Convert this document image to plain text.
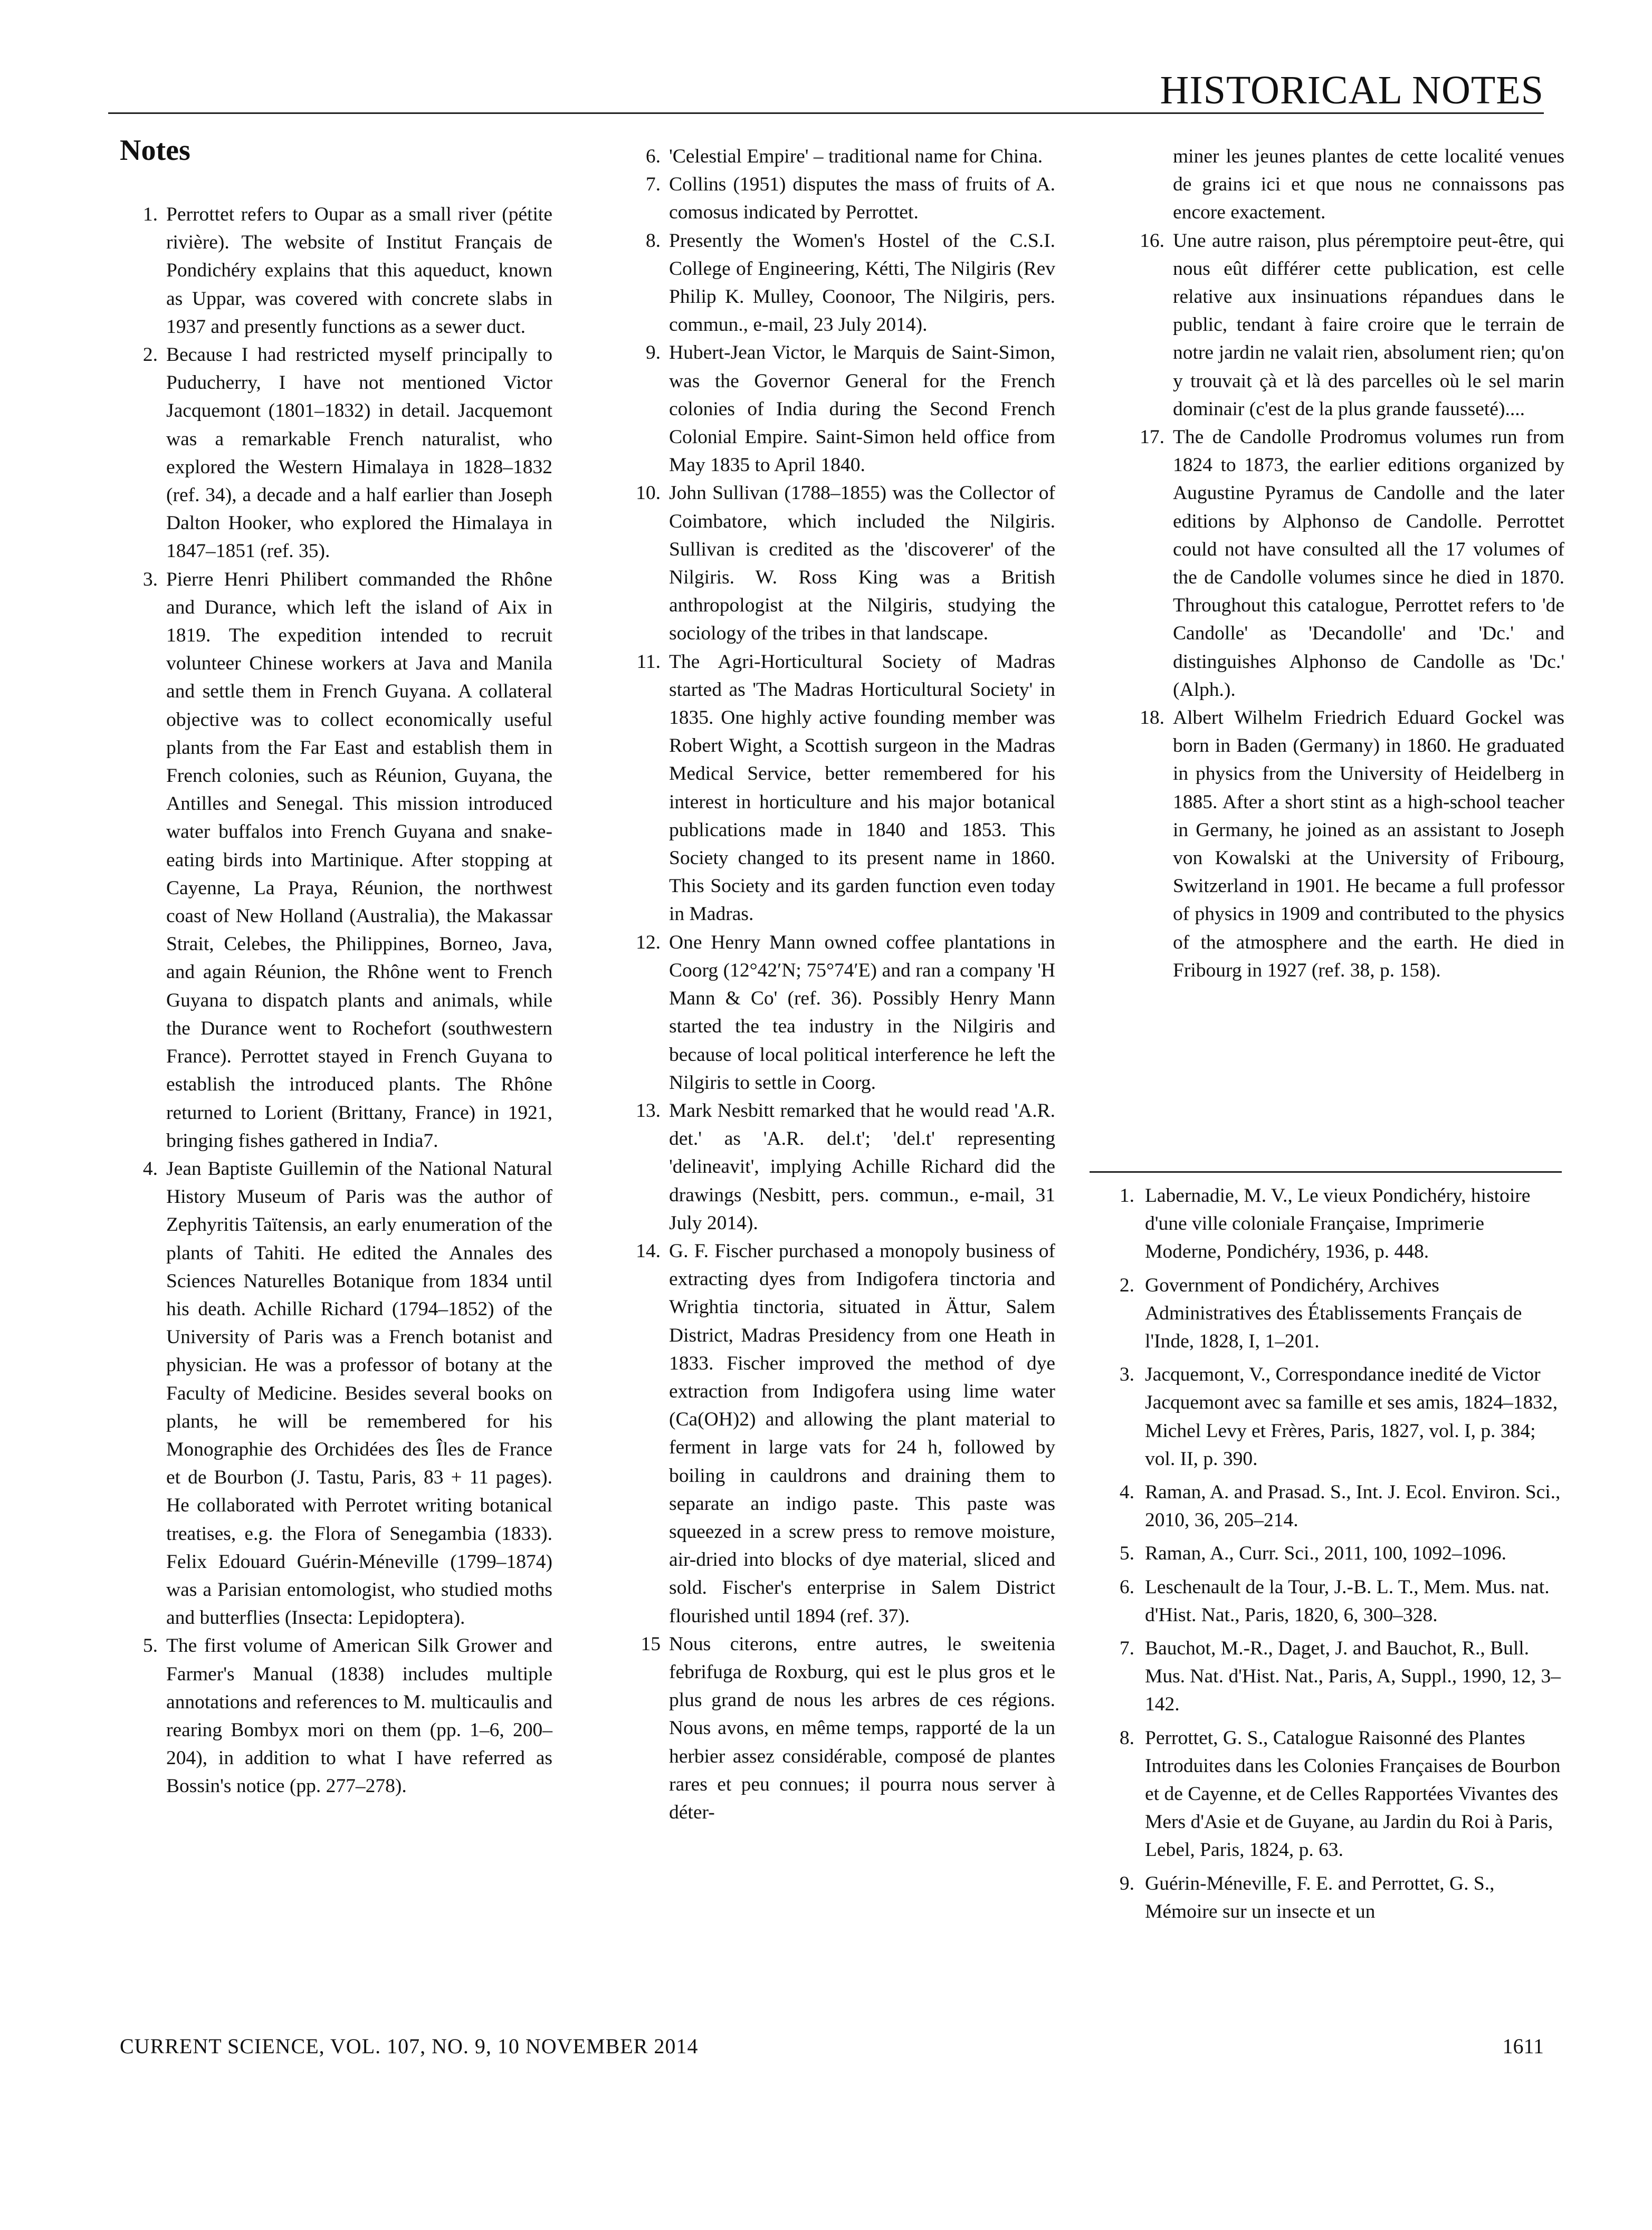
HISTORICAL NOTES
Notes
1. Perrottet refers to Oupar as a small river (pétite rivière). The website of Institut Français de Pondichéry explains that this aqueduct, known as Uppar, was covered with concrete slabs in 1937 and presently functions as a sewer duct.
2. Because I had restricted myself principally to Puducherry, I have not mentioned Victor Jacquemont (1801–1832) in detail. Jacquemont was a remarkable French naturalist, who explored the Western Himalaya in 1828–1832 (ref. 34), a decade and a half earlier than Joseph Dalton Hooker, who explored the Himalaya in 1847–1851 (ref. 35).
3. Pierre Henri Philibert commanded the Rhône and Durance, which left the island of Aix in 1819. The expedition intended to recruit volunteer Chinese workers at Java and Manila and settle them in French Guyana. A collateral objective was to collect economically useful plants from the Far East and establish them in French colonies, such as Réunion, Guyana, the Antilles and Senegal. This mission introduced water buffalos into French Guyana and snake-eating birds into Martinique. After stopping at Cayenne, La Praya, Réunion, the northwest coast of New Holland (Australia), the Makassar Strait, Celebes, the Philippines, Borneo, Java, and again Réunion, the Rhône went to French Guyana to dispatch plants and animals, while the Durance went to Rochefort (southwestern France). Perrottet stayed in French Guyana to establish the introduced plants. The Rhône returned to Lorient (Brittany, France) in 1921, bringing fishes gathered in India7.
4. Jean Baptiste Guillemin of the National Natural History Museum of Paris was the author of Zephyritis Taïtensis, an early enumeration of the plants of Tahiti. He edited the Annales des Sciences Naturelles Botanique from 1834 until his death. Achille Richard (1794–1852) of the University of Paris was a French botanist and physician. He was a professor of botany at the Faculty of Medicine. Besides several books on plants, he will be remembered for his Monographie des Orchidées des Îles de France et de Bourbon (J. Tastu, Paris, 83 + 11 pages). He collaborated with Perrotet writing botanical treatises, e.g. the Flora of Senegambia (1833). Felix Edouard Guérin-Méneville (1799–1874) was a Parisian entomologist, who studied moths and butterflies (Insecta: Lepidoptera).
5. The first volume of American Silk Grower and Farmer's Manual (1838) includes multiple annotations and references to M. multicaulis and rearing Bombyx mori on them (pp. 1–6, 200–204), in addition to what I have referred as Bossin's notice (pp. 277–278).
6. 'Celestial Empire' – traditional name for China.
7. Collins (1951) disputes the mass of fruits of A. comosus indicated by Perrottet.
8. Presently the Women's Hostel of the C.S.I. College of Engineering, Kétti, The Nilgiris (Rev Philip K. Mulley, Coonoor, The Nilgiris, pers. commun., e-mail, 23 July 2014).
9. Hubert-Jean Victor, le Marquis de Saint-Simon, was the Governor General for the French colonies of India during the Second French Colonial Empire. Saint-Simon held office from May 1835 to April 1840.
10. John Sullivan (1788–1855) was the Collector of Coimbatore, which included the Nilgiris. Sullivan is credited as the 'discoverer' of the Nilgiris. W. Ross King was a British anthropologist at the Nilgiris, studying the sociology of the tribes in that landscape.
11. The Agri-Horticultural Society of Madras started as 'The Madras Horticultural Society' in 1835. One highly active founding member was Robert Wight, a Scottish surgeon in the Madras Medical Service, better remembered for his interest in horticulture and his major botanical publications made in 1840 and 1853. This Society changed to its present name in 1860. This Society and its garden function even today in Madras.
12. One Henry Mann owned coffee plantations in Coorg (12°42′N; 75°74′E) and ran a company 'H Mann & Co' (ref. 36). Possibly Henry Mann started the tea industry in the Nilgiris and because of local political interference he left the Nilgiris to settle in Coorg.
13. Mark Nesbitt remarked that he would read 'A.R. det.' as 'A.R. del.t'; 'del.t' representing 'delineavit', implying Achille Richard did the drawings (Nesbitt, pers. commun., e-mail, 31 July 2014).
14. G. F. Fischer purchased a monopoly business of extracting dyes from Indigofera tinctoria and Wrightia tinctoria, situated in Ättur, Salem District, Madras Presidency from one Heath in 1833. Fischer improved the method of dye extraction from Indigofera using lime water (Ca(OH)2) and allowing the plant material to ferment in large vats for 24 h, followed by boiling in cauldrons and draining them to separate an indigo paste. This paste was squeezed in a screw press to remove moisture, air-dried into blocks of dye material, sliced and sold. Fischer's enterprise in Salem District flourished until 1894 (ref. 37).
15 Nous citerons, entre autres, le sweitenia febrifuga de Roxburg, qui est le plus gros et le plus grand de nous les arbres de ces régions. Nous avons, en même temps, rapporté de la un herbier assez considérable, composé de plantes rares et peu connues; il pourra nous server à déter-
miner les jeunes plantes de cette localité venues de grains ici et que nous ne connaissons pas encore exactement.
16. Une autre raison, plus péremptoire peut-être, qui nous eût différer cette publication, est celle relative aux insinuations répandues dans le public, tendant à faire croire que le terrain de notre jardin ne valait rien, absolument rien; qu'on y trouvait çà et là des parcelles où le sel marin dominair (c'est de la plus grande fausseté)....
17. The de Candolle Prodromus volumes run from 1824 to 1873, the earlier editions organized by Augustine Pyramus de Candolle and the later editions by Alphonso de Candolle. Perrottet could not have consulted all the 17 volumes of the de Candolle volumes since he died in 1870. Throughout this catalogue, Perrottet refers to 'de Candolle' as 'Decandolle' and 'Dc.' and distinguishes Alphonso de Candolle as 'Dc.' (Alph.).
18. Albert Wilhelm Friedrich Eduard Gockel was born in Baden (Germany) in 1860. He graduated in physics from the University of Heidelberg in 1885. After a short stint as a high-school teacher in Germany, he joined as an assistant to Joseph von Kowalski at the University of Fribourg, Switzerland in 1901. He became a full professor of physics in 1909 and contributed to the physics of the atmosphere and the earth. He died in Fribourg in 1927 (ref. 38, p. 158).
1. Labernadie, M. V., Le vieux Pondichéry, histoire d'une ville coloniale Française, Imprimerie Moderne, Pondichéry, 1936, p. 448.
2. Government of Pondichéry, Archives Administratives des Établissements Français de l'Inde, 1828, I, 1–201.
3. Jacquemont, V., Correspondance inedité de Victor Jacquemont avec sa famille et ses amis, 1824–1832, Michel Levy et Frères, Paris, 1827, vol. I, p. 384; vol. II, p. 390.
4. Raman, A. and Prasad. S., Int. J. Ecol. Environ. Sci., 2010, 36, 205–214.
5. Raman, A., Curr. Sci., 2011, 100, 1092–1096.
6. Leschenault de la Tour, J.-B. L. T., Mem. Mus. nat. d'Hist. Nat., Paris, 1820, 6, 300–328.
7. Bauchot, M.-R., Daget, J. and Bauchot, R., Bull. Mus. Nat. d'Hist. Nat., Paris, A, Suppl., 1990, 12, 3–142.
8. Perrottet, G. S., Catalogue Raisonné des Plantes Introduites dans les Colonies Françaises de Bourbon et de Cayenne, et de Celles Rapportées Vivantes des Mers d'Asie et de Guyane, au Jardin du Roi à Paris, Lebel, Paris, 1824, p. 63.
9. Guérin-Méneville, F. E. and Perrottet, G. S., Mémoire sur un insecte et un
CURRENT SCIENCE, VOL. 107, NO. 9, 10 NOVEMBER 2014	1611
